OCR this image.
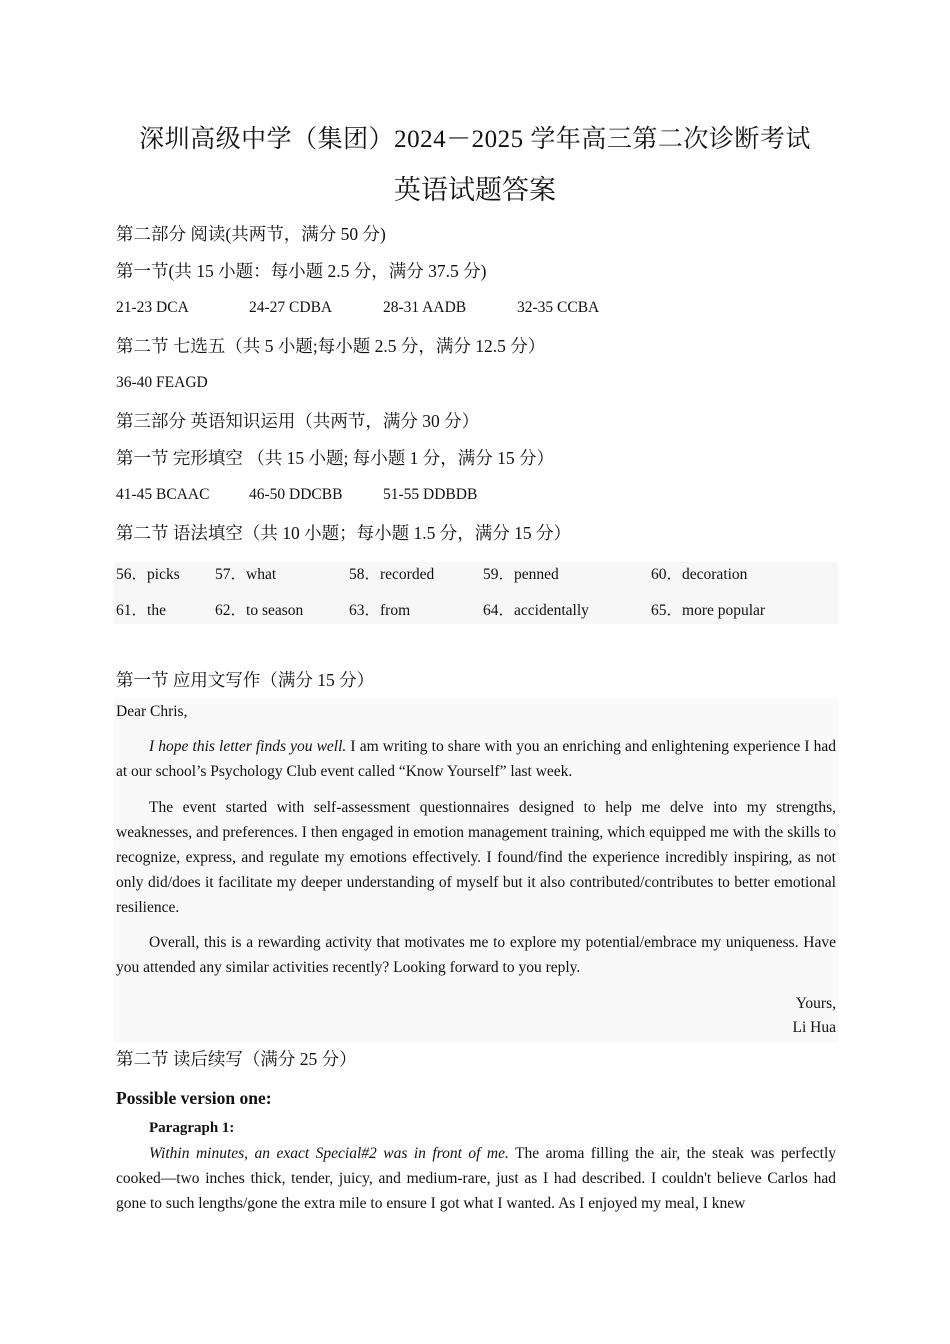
深圳高级中学（集团）2024－2025 学年高三第二次诊断考试
英语试题答案
第二部分 阅读(共两节，满分 50 分)
第一节(共 15 小题：每小题 2.5 分，满分 37.5 分)
21-23 DCA	24-27 CDBA	28-31 AADB	32-35 CCBA
第二节 七选五（共 5 小题;每小题 2.5 分，满分 12.5 分）
36-40 FEAGD
第三部分 英语知识运用（共两节，满分 30 分）
第一节 完形填空 （共 15 小题; 每小题 1 分，满分 15 分）
41-45 BCAAC	46-50 DDCBB	51-55 DDBDB
第二节 语法填空（共 10 小题；每小题 1.5 分，满分 15 分）
56．picks 57．what	58．recorded	59．penned	60．decoration
61．the	62．to season	63．from	64．accidentally	65．more popular
第一节 应用文写作（满分 15 分）
Dear Chris,
I hope this letter finds you well. I am writing to share with you an enriching and enlightening experience I had at our school’s Psychology Club event called “Know Yourself” last week.
The event started with self-assessment questionnaires designed to help me delve into my strengths, weaknesses, and preferences. I then engaged in emotion management training, which equipped me with the skills to recognize, express, and regulate my emotions effectively. I found/find the experience incredibly inspiring, as not only did/does it facilitate my deeper understanding of myself but it also contributed/contributes to better emotional resilience.
Overall, this is a rewarding activity that motivates me to explore my potential/embrace my uniqueness. Have you attended any similar activities recently? Looking forward to you reply.
Yours,
Li Hua
第二节 读后续写（满分 25 分）
Possible version one:
Paragraph 1:
Within minutes, an exact Special#2 was in front of me. The aroma filling the air, the steak was perfectly cooked—two inches thick, tender, juicy, and medium-rare, just as I had described. I couldn't believe Carlos had gone to such lengths/gone the extra mile to ensure I got what I wanted. As I enjoyed my meal, I knew
